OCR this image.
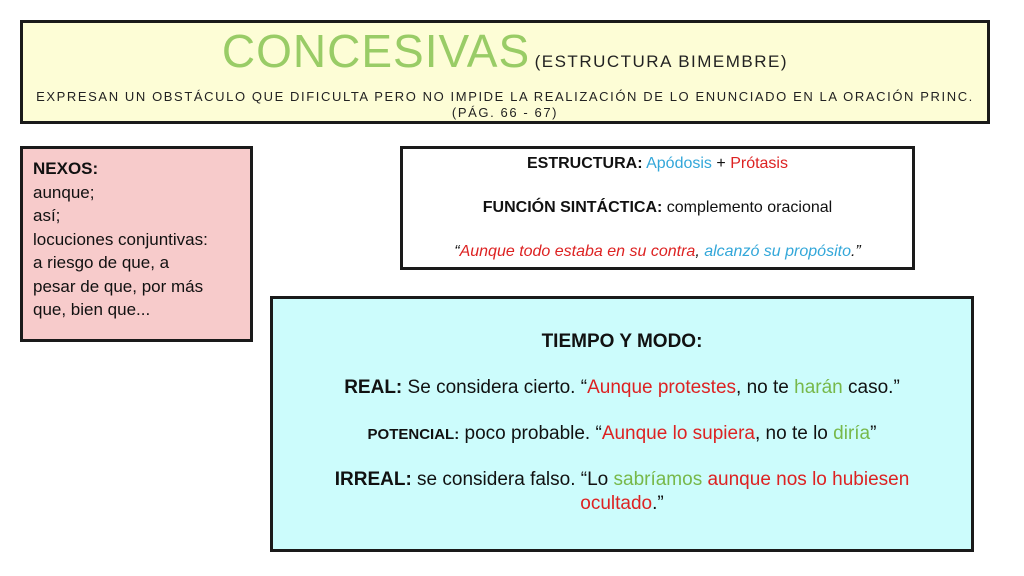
CONCESIVAS (ESTRUCTURA BIMEMBRE)
EXPRESAN UN OBSTÁCULO QUE DIFICULTA PERO NO IMPIDE LA REALIZACIÓN DE LO ENUNCIADO EN LA ORACIÓN PRINC. (PÁG. 66 - 67)
NEXOS:
aunque;
así;
locuciones conjuntivas:
a riesgo de que, a
pesar de que, por más
que, bien que...
ESTRUCTURA: Apódosis + Prótasis
FUNCIÓN SINTÁCTICA: complemento oracional
“Aunque todo estaba en su contra, alcanzó su propósito.”
TIEMPO Y MODO:
REAL: Se considera cierto. “Aunque protestes, no te harán caso.”
POTENCIAL: poco probable. “Aunque lo supiera, no te lo diría”
IRREAL: se considera falso. “Lo sabríamos aunque nos lo hubiesen ocultado.”
